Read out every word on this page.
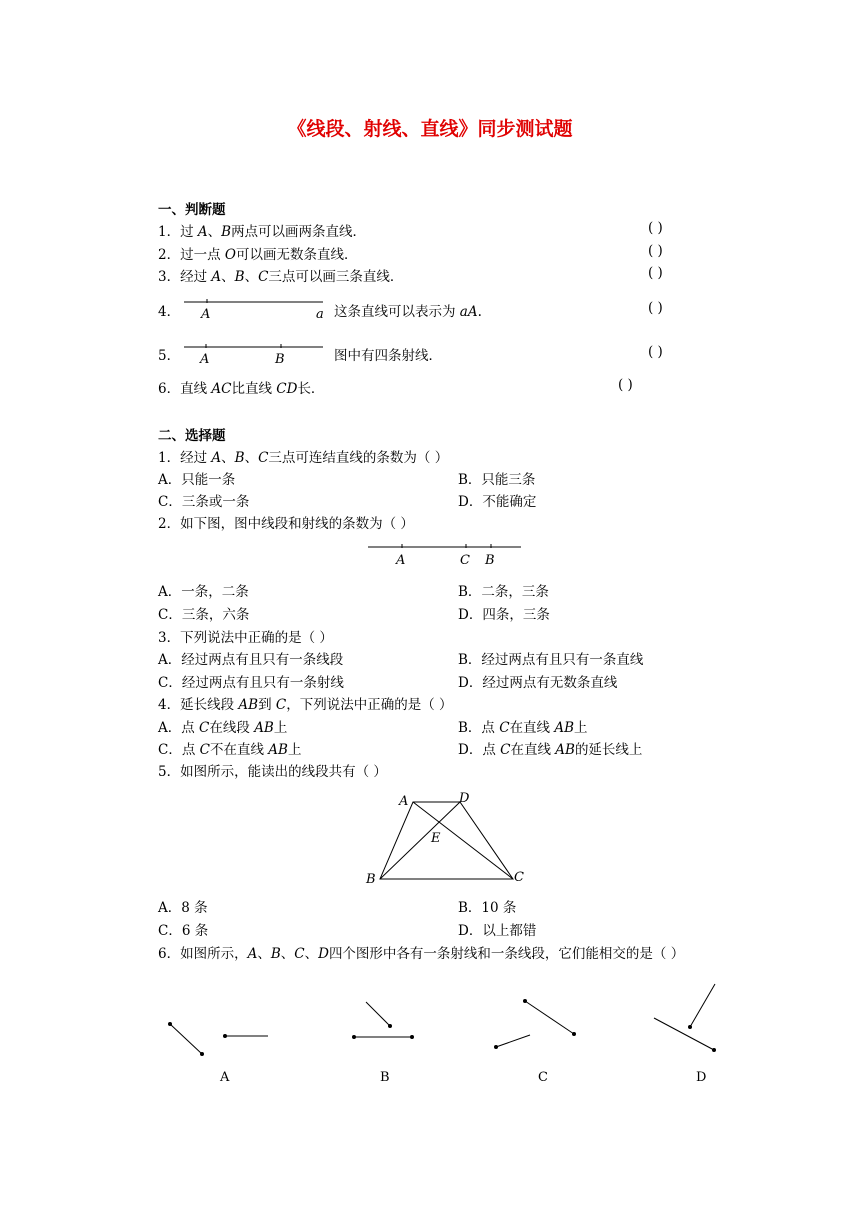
《线段、射线、直线》同步测试题
一、判断题
1．过 A、B两点可以画两条直线．	( )
2．过一点 O可以画无数条直线．	( )
3．经过 A、B、C三点可以画三条直线．	( )
4． A	a 这条直线可以表示为 aA.	( )
5． A	B	图中有四条射线．	( )
6．直线 AC比直线 CD长．	( )
二、选择题
1．经过 A、B、C三点可连结直线的条数为（ ）
A．只能一条	B．只能三条
C．三条或一条	D．不能确定
2．如下图，图中线段和射线的条数为（ ）
A	C B
A．一条，二条	B．二条，三条
C．三条，六条	D．四条，三条
3．下列说法中正确的是（ ）
A．经过两点有且只有一条线段	B．经过两点有且只有一条直线
C．经过两点有且只有一条射线	D．经过两点有无数条直线
4．延长线段 AB到 C，下列说法中正确的是（ ）
A．点 C在线段 AB上	B．点 C在直线 AB上
C．点 C不在直线 AB上	D．点 C在直线 AB的延长线上
5．如图所示，能读出的线段共有（ ）
A	D
E
B	C
A．8 条	B．10 条
C．6 条	D．以上都错
6．如图所示，A、B、C、D四个图形中各有一条射线和一条线段，它们能相交的是（ ）
A	B	C	D
